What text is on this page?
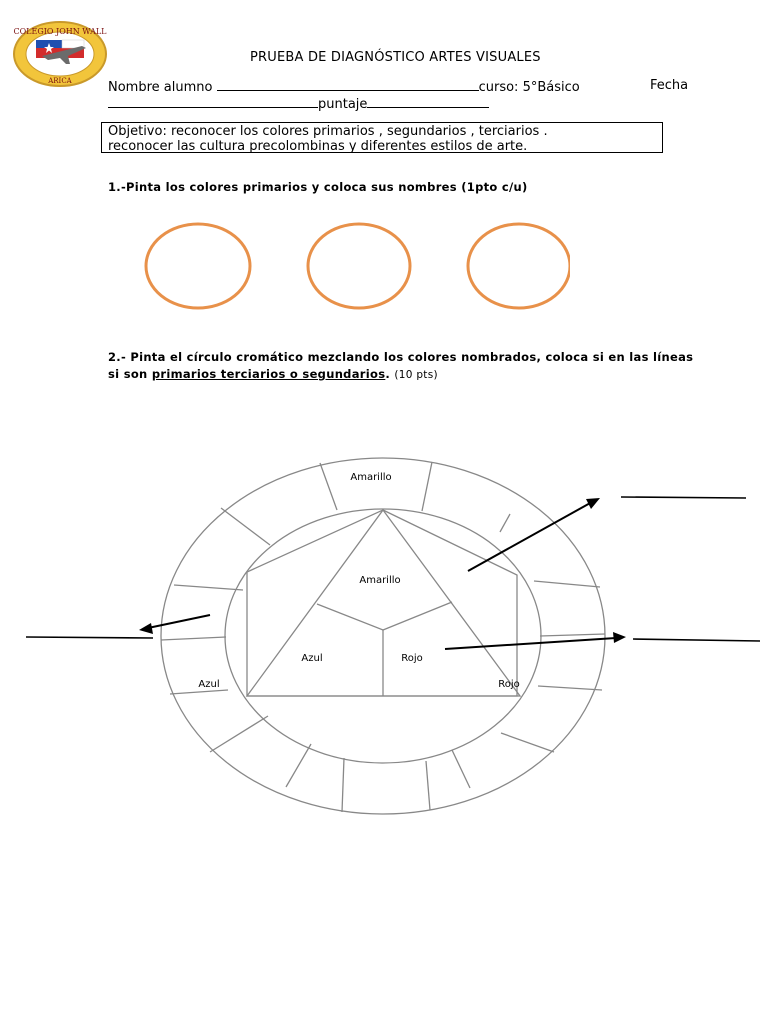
COLEGIO JOHN WALL
ARICA
PRUEBA DE DIAGNÓSTICO ARTES VISUALES
Nombre alumno	curso: 5°Básico	Fecha
puntaje
Objetivo: reconocer los colores primarios , segundarios , terciarios .
reconocer las cultura precolombinas y diferentes estilos de arte.
1.-Pinta los colores primarios y coloca sus nombres (1pto c/u)
2.- Pinta el círculo cromático mezclando los colores nombrados, coloca si en las líneas
si son primarios terciarios o segundarios. (10 pts)
Amarillo
Amarillo
Azul	Rojo
Azul	Rojo
